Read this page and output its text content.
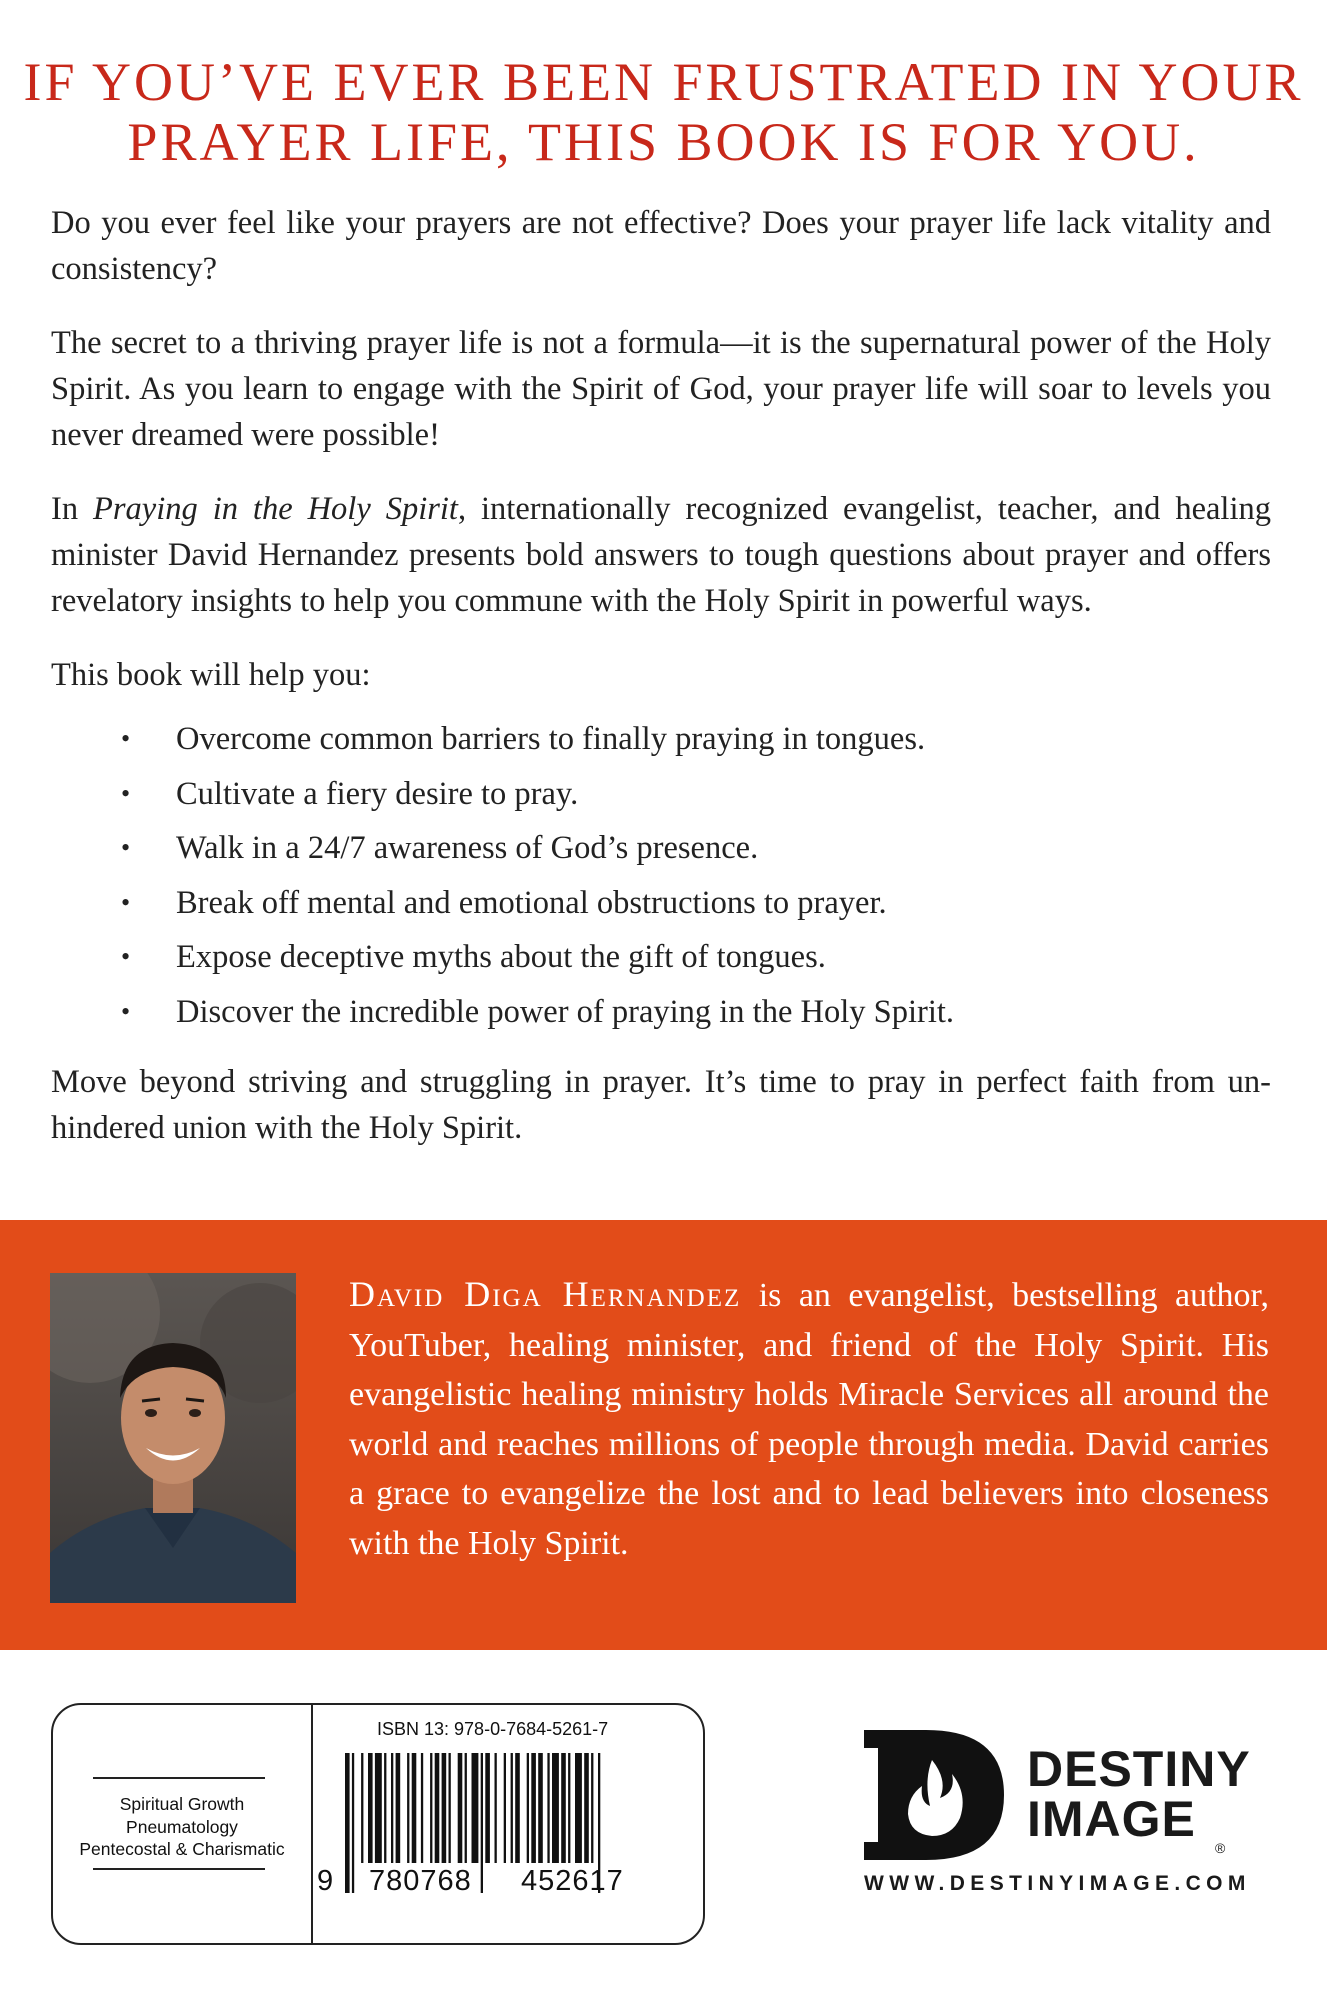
IF YOU’VE EVER BEEN FRUSTRATED IN YOUR
PRAYER LIFE, THIS BOOK IS FOR YOU.

Do you ever feel like your prayers are not effective? Does your prayer life lack vitality and consistency?

The secret to a thriving prayer life is not a formula—it is the supernatural power of the Holy Spirit. As you learn to engage with the Spirit of God, your prayer life will soar to levels you never dreamed were possible!

In Praying in the Holy Spirit, internationally recognized evangelist, teacher, and healing minister David Hernandez presents bold answers to tough questions about prayer and offers revelatory insights to help you commune with the Holy Spirit in powerful ways.

This book will help you:

• Overcome common barriers to finally praying in tongues.
• Cultivate a fiery desire to pray.
• Walk in a 24/7 awareness of God’s presence.
• Break off mental and emotional obstructions to prayer.
• Expose deceptive myths about the gift of tongues.
• Discover the incredible power of praying in the Holy Spirit.

Move beyond striving and struggling in prayer. It’s time to pray in perfect faith from unhindered union with the Holy Spirit.

David Diga Hernandez is an evangelist, bestselling author, YouTuber, healing minister, and friend of the Holy Spirit. His evangelistic healing ministry holds Miracle Services all around the world and reaches millions of people through media. David carries a grace to evangelize the lost and to lead believers into closeness with the Holy Spirit.
Spiritual Growth
Pneumatology
Pentecostal & Charismatic
ISBN 13: 978-0-7684-5261-7
9 780768 452617
DESTINY
IMAGE
®
WWW.DESTINYIMAGE.COM
